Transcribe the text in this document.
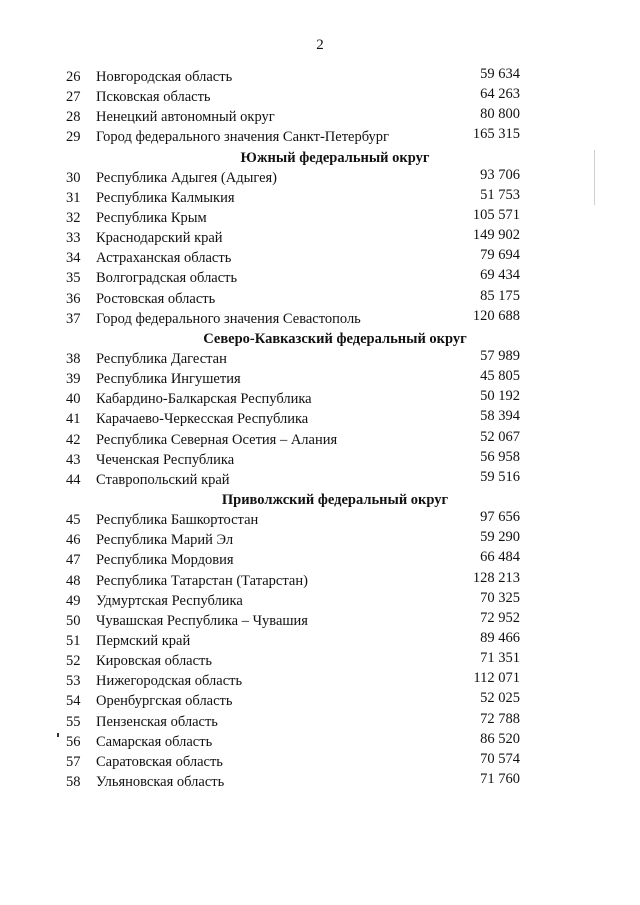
2
26	Новгородская область	59 634
27	Псковская область	64 263
28	Ненецкий автономный округ	80 800
29	Город федерального значения Санкт-Петербург	165 315
Южный федеральный округ
30	Республика Адыгея (Адыгея)	93 706
31	Республика Калмыкия	51 753
32	Республика Крым	105 571
33	Краснодарский край	149 902
34	Астраханская область	79 694
35	Волгоградская область	69 434
36	Ростовская область	85 175
37	Город федерального значения Севастополь	120 688
Северо-Кавказский федеральный округ
38	Республика Дагестан	57 989
39	Республика Ингушетия	45 805
40	Кабардино-Балкарская Республика	50 192
41	Карачаево-Черкесская Республика	58 394
42	Республика Северная Осетия – Алания	52 067
43	Чеченская Республика	56 958
44	Ставропольский край	59 516
Приволжский федеральный округ
45	Республика Башкортостан	97 656
46	Республика Марий Эл	59 290
47	Республика Мордовия	66 484
48	Республика Татарстан (Татарстан)	128 213
49	Удмуртская Республика	70 325
50	Чувашская Республика – Чувашия	72 952
51	Пермский край	89 466
52	Кировская область	71 351
53	Нижегородская область	112 071
54	Оренбургская область	52 025
55	Пензенская область	72 788
56	Самарская область	86 520
57	Саратовская область	70 574
58	Ульяновская область	71 760
